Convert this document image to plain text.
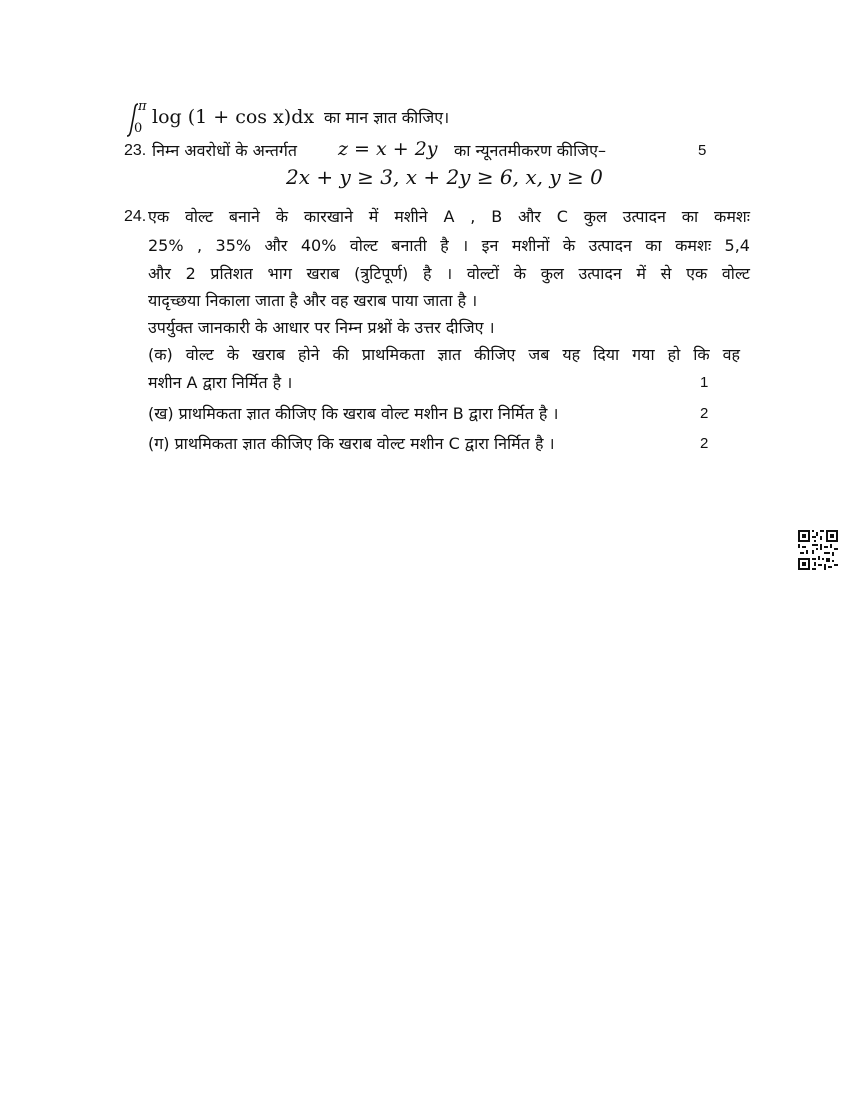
π
0
log (1 + cos x)dx का मान ज्ञात कीजिए।
23. निम्न अवरोधों के अन्तर्गत z = x + 2y का न्यूनतमीकरण कीजिए–	5
2x + y ≥ 3, x + 2y ≥ 6, x, y ≥ 0
24. एक वोल्ट बनाने के कारखाने में मशीने A , B और C कुल उत्पादन का कमशः
25% , 35% और 40% वोल्ट बनाती है । इन मशीनों के उत्पादन का कमशः 5,4
और 2 प्रतिशत भाग खराब (त्रुटिपूर्ण) है । वोल्टों के कुल उत्पादन में से एक वोल्ट
यादृच्छया निकाला जाता है और वह खराब पाया जाता है ।
उपर्युक्त जानकारी के आधार पर निम्न प्रश्नों के उत्तर दीजिए ।
(क) वोल्ट के खराब होने की प्राथमिकता ज्ञात कीजिए जब यह दिया गया हो कि वह
मशीन A द्वारा निर्मित है ।	1
(ख) प्राथमिकता ज्ञात कीजिए कि खराब वोल्ट मशीन B द्वारा निर्मित है ।	2
(ग) प्राथमिकता ज्ञात कीजिए कि खराब वोल्ट मशीन C द्वारा निर्मित है ।	2
